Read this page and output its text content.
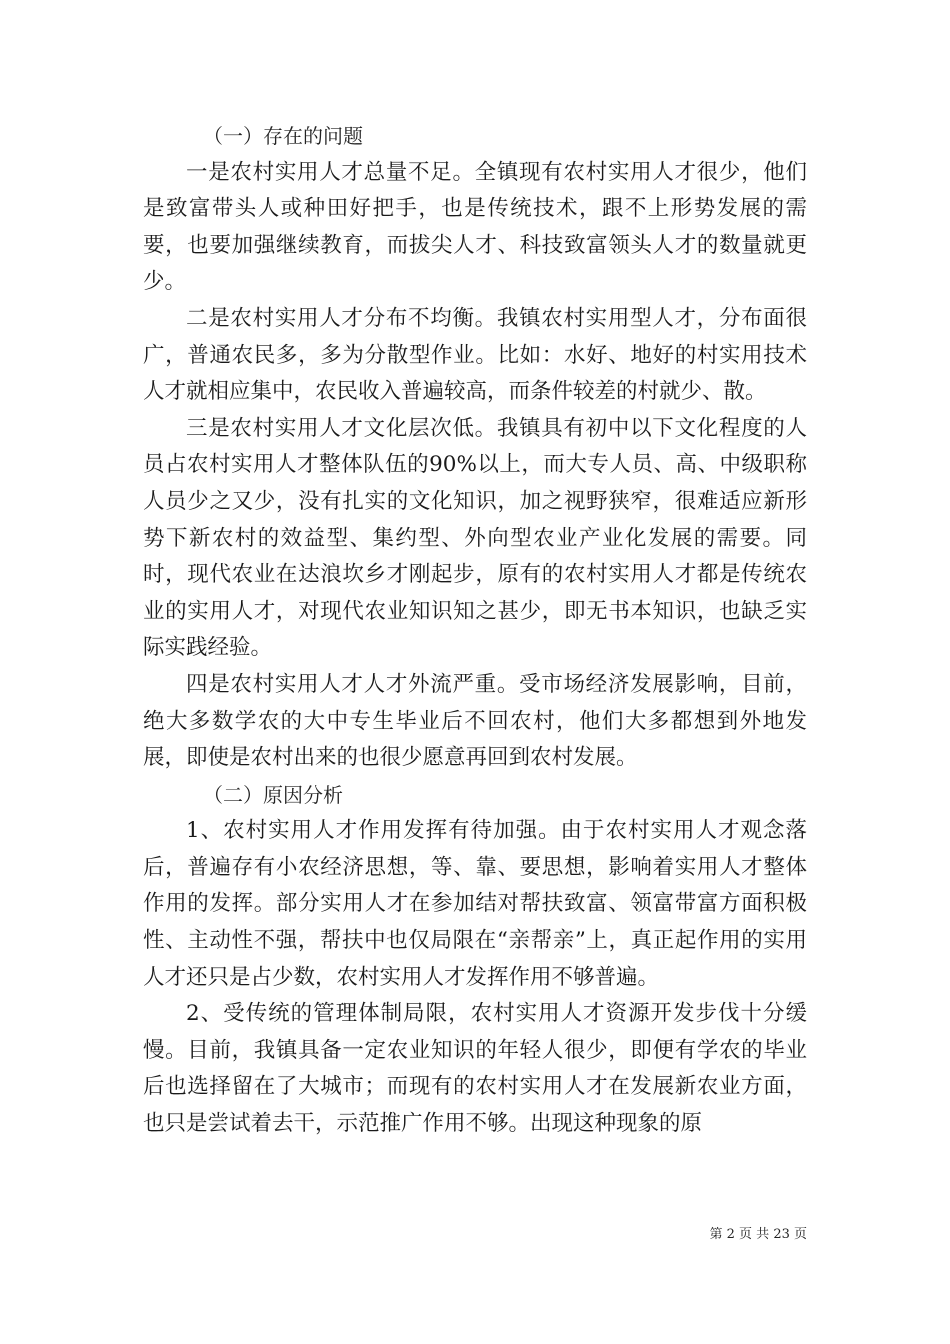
（一）存在的问题

一是农村实用人才总量不足。全镇现有农村实用人才很少，他们是致富带头人或种田好把手，也是传统技术，跟不上形势发展的需要，也要加强继续教育，而拔尖人才、科技致富领头人才的数量就更少。

二是农村实用人才分布不均衡。我镇农村实用型人才，分布面很广，普通农民多，多为分散型作业。比如：水好、地好的村实用技术人才就相应集中，农民收入普遍较高，而条件较差的村就少、散。

三是农村实用人才文化层次低。我镇具有初中以下文化程度的人员占农村实用人才整体队伍的90%以上，而大专人员、高、中级职称人员少之又少，没有扎实的文化知识，加之视野狭窄，很难适应新形势下新农村的效益型、集约型、外向型农业产业化发展的需要。同时，现代农业在达浪坎乡才刚起步，原有的农村实用人才都是传统农业的实用人才，对现代农业知识知之甚少，即无书本知识，也缺乏实际实践经验。

四是农村实用人才人才外流严重。受市场经济发展影响，目前，绝大多数学农的大中专生毕业后不回农村，他们大多都想到外地发展，即使是农村出来的也很少愿意再回到农村发展。

（二）原因分析

1、农村实用人才作用发挥有待加强。由于农村实用人才观念落后，普遍存有小农经济思想，等、靠、要思想，影响着实用人才整体作用的发挥。部分实用人才在参加结对帮扶致富、领富带富方面积极性、主动性不强，帮扶中也仅局限在“亲帮亲”上，真正起作用的实用人才还只是占少数，农村实用人才发挥作用不够普遍。

2、受传统的管理体制局限，农村实用人才资源开发步伐十分缓慢。目前，我镇具备一定农业知识的年轻人很少，即便有学农的毕业后也选择留在了大城市；而现有的农村实用人才在发展新农业方面，也只是尝试着去干，示范推广作用不够。出现这种现象的原

第 2 页 共 23 页
